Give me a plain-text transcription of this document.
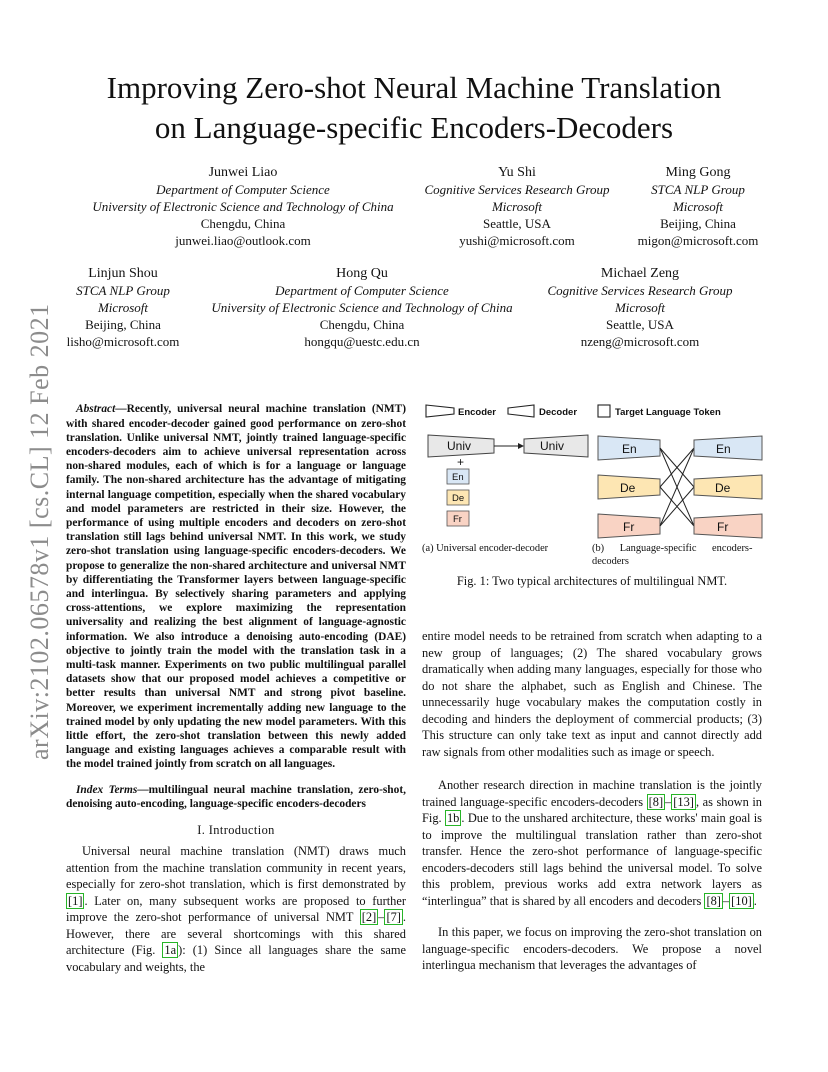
arXiv:2102.06578v1 [cs.CL] 12 Feb 2021
Improving Zero-shot Neural Machine Translation
on Language-specific Encoders-Decoders
Junwei Liao
Department of Computer Science
University of Electronic Science and Technology of China
Chengdu, China
junwei.liao@outlook.com
Yu Shi
Cognitive Services Research Group
Microsoft
Seattle, USA
yushi@microsoft.com
Ming Gong
STCA NLP Group
Microsoft
Beijing, China
migon@microsoft.com
Linjun Shou
STCA NLP Group
Microsoft
Beijing, China
lisho@microsoft.com
Hong Qu
Department of Computer Science
University of Electronic Science and Technology of China
Chengdu, China
hongqu@uestc.edu.cn
Michael Zeng
Cognitive Services Research Group
Microsoft
Seattle, USA
nzeng@microsoft.com

Abstract—Recently, universal neural machine translation (NMT) with shared encoder-decoder gained good performance on zero-shot translation. Unlike universal NMT, jointly trained language-specific encoders-decoders aim to achieve universal representation across non-shared modules, each of which is for a language or language family. The non-shared architecture has the advantage of mitigating internal language competition, especially when the shared vocabulary and model parameters are restricted in their size. However, the performance of using multiple encoders and decoders on zero-shot translation still lags behind universal NMT. In this work, we study zero-shot translation using language-specific encoders-decoders. We propose to generalize the non-shared architecture and universal NMT by differentiating the Transformer layers between language-specific and interlingua. By selectively sharing parameters and applying cross-attentions, we explore maximizing the representation universality and realizing the best alignment of language-agnostic information. We also introduce a denoising auto-encoding (DAE) objective to jointly train the model with the translation task in a multi-task manner. Experiments on two public multilingual parallel datasets show that our proposed model achieves a competitive or better results than universal NMT and strong pivot baseline. Moreover, we experiment incrementally adding new language to the trained model by only updating the new model parameters. With this little effort, the zero-shot translation between this newly added language and existing languages achieves a comparable result with the model trained jointly from scratch on all languages.

Index Terms—multilingual neural machine translation, zero-shot, denoising auto-encoding, language-specific encoders-decoders

I. Introduction

Universal neural machine translation (NMT) draws much attention from the machine translation community in recent years, especially for zero-shot translation, which is first demonstrated by [1] . Later on, many subsequent works are proposed to further improve the zero-shot performance of universal NMT [2] – [7] . However, there are several shortcomings with this shared architecture (Fig. 1a ): (1) Since all languages share the same vocabulary and weights, the

Encoder	Decoder	Target Language Token
Univ	Univ
+
En
De
Fr
En
De
Fr
En
De
Fr
(a) Universal encoder-decoder	(b)      Language-specific      encoders-
decoders
Fig. 1: Two typical architectures of multilingual NMT.
entire model needs to be retrained from scratch when adapting to a new group of languages; (2) The shared vocabulary grows dramatically when adding many languages, especially for those who do not share the alphabet, such as English and Chinese. The unnecessarily huge vocabulary makes the computation costly in decoding and hinders the deployment of commercial products; (3) This structure can only take text as input and cannot directly add raw signals from other modalities such as image or speech.

Another research direction in machine translation is the jointly trained language-specific encoders-decoders [8] – [13] , as shown in Fig. 1b . Due to the unshared architecture, these works' main goal is to improve the multilingual translation rather than zero-shot transfer. Hence the zero-shot performance of language-specific encoders-decoders still lags behind the universal model. To solve this problem, previous works add extra network layers as “interlingua” that is shared by all encoders and decoders [8] – [10] .

In this paper, we focus on improving the zero-shot translation on language-specific encoders-decoders. We propose a novel interlingua mechanism that leverages the advantages of
